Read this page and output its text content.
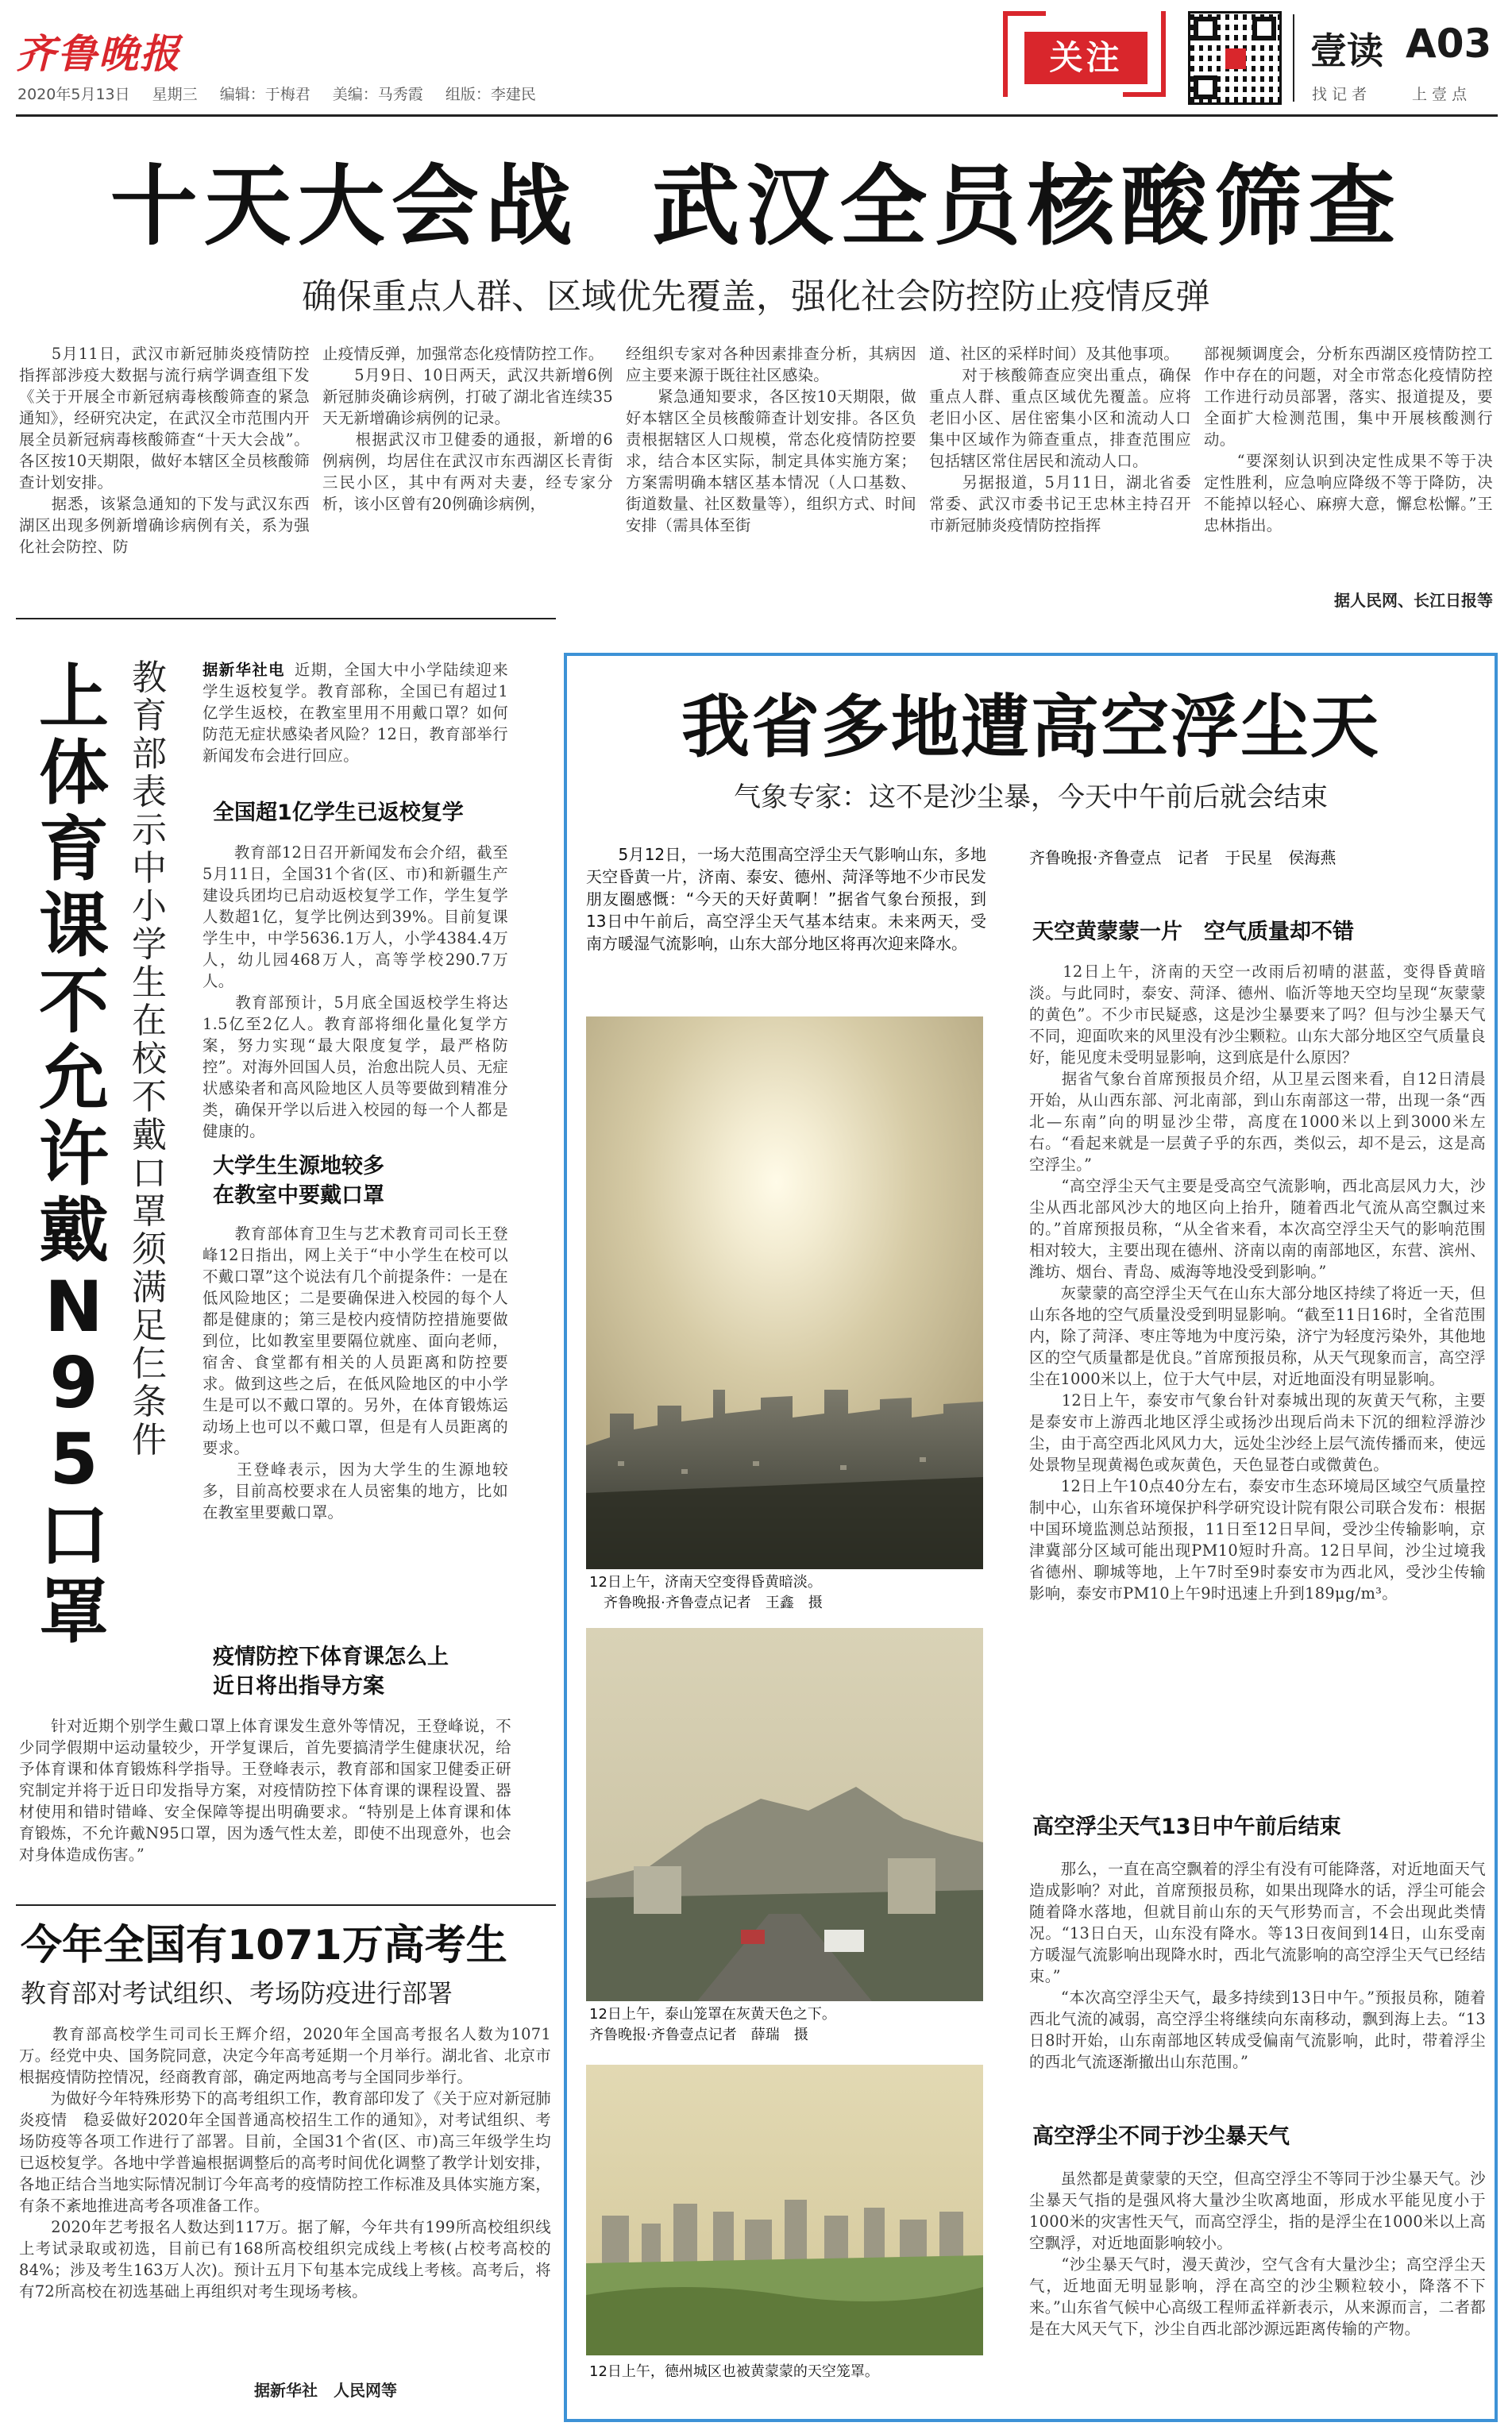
齐鲁晚报
2020年5月13日 星期三 编辑：于梅君 美编：马秀霞 组版：李建民
关注	壹读 A03
找 记 者	上 壹 点
十天大会战  武汉全员核酸筛查
确保重点人群、区域优先覆盖，强化社会防控防止疫情反弹
　　5月11日，武汉市新冠肺炎疫情防控指挥部涉疫大数据与流行病学调查组下发《关于开展全市新冠病毒核酸筛查的紧急通知》，经研究决定，在武汉全市范围内开展全员新冠病毒核酸筛查“十天大会战”。各区按10天期限，做好本辖区全员核酸筛查计划安排。
　　据悉，该紧急通知的下发与武汉东西湖区出现多例新增确诊病例有关，系为强化社会防控、防
止疫情反弹，加强常态化疫情防控工作。
　　5月9日、10日两天，武汉共新增6例新冠肺炎确诊病例，打破了湖北省连续35天无新增确诊病例的记录。
　　根据武汉市卫健委的通报，新增的6例病例，均居住在武汉市东西湖区长青街三民小区，其中有两对夫妻，经专家分析，该小区曾有20例确诊病例，
经组织专家对各种因素排查分析，其病因应主要来源于既往社区感染。
　　紧急通知要求，各区按10天期限，做好本辖区全员核酸筛查计划安排。各区负责根据辖区人口规模，常态化疫情防控要求，结合本区实际，制定具体实施方案；方案需明确本辖区基本情况（人口基数、街道数量、社区数量等），组织方式、时间安排（需具体至街
道、社区的采样时间）及其他事项。
　　对于核酸筛查应突出重点，确保重点人群、重点区域优先覆盖。应将老旧小区、居住密集小区和流动人口集中区域作为筛查重点，排查范围应包括辖区常住居民和流动人口。
　　另据报道，5月11日，湖北省委常委、武汉市委书记王忠林主持召开市新冠肺炎疫情防控指挥
部视频调度会，分析东西湖区疫情防控工作中存在的问题，对全市常态化疫情防控工作进行动员部署，落实、报道提及，要全面扩大检测范围，集中开展核酸测行动。
　　“要深刻认识到决定性成果不等于决定性胜利，应急响应降级不等于降防，决不能掉以轻心、麻痹大意，懈怠松懈。”王忠林指出。
据人民网、长江日报等
上体育课不允许戴N95口罩
教育部表示中小学生在校不戴口罩须满足仨条件
据新华社电 近期，全国大中小学陆续迎来学生返校复学。教育部称，全国已有超过1亿学生返校，在教室里用不用戴口罩？如何防范无症状感染者风险？12日，教育部举行新闻发布会进行回应。
全国超1亿学生已返校复学
　　教育部12日召开新闻发布会介绍，截至5月11日，全国31个省(区、市)和新疆生产建设兵团均已启动返校复学工作，学生复学人数超1亿，复学比例达到39%。目前复课学生中，中学5636.1万人，小学4384.4万人，幼儿园468万人，高等学校290.7万人。
　　教育部预计，5月底全国返校学生将达1.5亿至2亿人。教育部将细化量化复学方案，努力实现“最大限度复学，最严格防控”。对海外回国人员，治愈出院人员、无症状感染者和高风险地区人员等要做到精准分类，确保开学以后进入校园的每一个人都是健康的。
大学生生源地较多
在教室中要戴口罩
　　教育部体育卫生与艺术教育司司长王登峰12日指出，网上关于“中小学生在校可以不戴口罩”这个说法有几个前提条件：一是在低风险地区；二是要确保进入校园的每个人都是健康的；第三是校内疫情防控措施要做到位，比如教室里要隔位就座、面向老师，宿舍、食堂都有相关的人员距离和防控要求。做到这些之后，在低风险地区的中小学生是可以不戴口罩的。另外，在体育锻炼运动场上也可以不戴口罩，但是有人员距离的要求。
　　王登峰表示，因为大学生的生源地较多，目前高校要求在人员密集的地方，比如在教室里要戴口罩。
疫情防控下体育课怎么上
近日将出指导方案
　　针对近期个别学生戴口罩上体育课发生意外等情况，王登峰说，不少同学假期中运动量较少，开学复课后，首先要搞清学生健康状况，给予体育课和体育锻炼科学指导。王登峰表示，教育部和国家卫健委正研究制定并将于近日印发指导方案，对疫情防控下体育课的课程设置、器材使用和错时错峰、安全保障等提出明确要求。“特别是上体育课和体育锻炼，不允许戴N95口罩，因为透气性太差，即使不出现意外，也会对身体造成伤害。”
今年全国有1071万高考生
教育部对考试组织、考场防疫进行部署
　　教育部高校学生司司长王辉介绍，2020年全国高考报名人数为1071万。经党中央、国务院同意，决定今年高考延期一个月举行。湖北省、北京市根据疫情防控情况，经商教育部，确定两地高考与全国同步举行。
　　为做好今年特殊形势下的高考组织工作，教育部印发了《关于应对新冠肺炎疫情　稳妥做好2020年全国普通高校招生工作的通知》，对考试组织、考场防疫等各项工作进行了部署。目前，全国31个省(区、市)高三年级学生均已返校复学。各地中学普遍根据调整后的高考时间优化调整了教学计划安排，各地正结合当地实际情况制订今年高考的疫情防控工作标准及具体实施方案，有条不紊地推进高考各项准备工作。
　　2020年艺考报名人数达到117万。据了解，今年共有199所高校组织线上考试录取或初选，目前已有168所高校组织完成线上考核(占校考高校的84%；涉及考生163万人次)。预计五月下旬基本完成线上考核。高考后，将有72所高校在初选基础上再组织对考生现场考核。
据新华社　人民网等
我省多地遭高空浮尘天
气象专家：这不是沙尘暴，今天中午前后就会结束
　　5月12日，一场大范围高空浮尘天气影响山东，多地天空昏黄一片，济南、泰安、德州、菏泽等地不少市民发朋友圈感慨：“今天的天好黄啊！”据省气象台预报，到13日中午前后，高空浮尘天气基本结束。未来两天，受南方暖湿气流影响，山东大部分地区将再次迎来降水。
12日上午，济南天空变得昏黄暗淡。
齐鲁晚报·齐鲁壹点记者　王鑫　摄
12日上午，泰山笼罩在灰黄天色之下。
齐鲁晚报·齐鲁壹点记者　薛瑞　摄
12日上午，德州城区也被黄蒙蒙的天空笼罩。
齐鲁晚报·齐鲁壹点　记者　于民星　侯海燕
天空黄蒙蒙一片　空气质量却不错
　　12日上午，济南的天空一改雨后初晴的湛蓝，变得昏黄暗淡。与此同时，泰安、菏泽、德州、临沂等地天空均呈现“灰蒙蒙的黄色”。不少市民疑惑，这是沙尘暴要来了吗？但与沙尘暴天气不同，迎面吹来的风里没有沙尘颗粒。山东大部分地区空气质量良好，能见度未受明显影响，这到底是什么原因？
　　据省气象台首席预报员介绍，从卫星云图来看，自12日清晨开始，从山西东部、河北南部，到山东南部这一带，出现一条“西北—东南”向的明显沙尘带，高度在1000米以上到3000米左右。“看起来就是一层黄子乎的东西，类似云，却不是云，这是高空浮尘。”
　　“高空浮尘天气主要是受高空气流影响，西北高层风力大，沙尘从西北部风沙大的地区向上抬升，随着西北气流从高空飘过来的。”首席预报员称，“从全省来看，本次高空浮尘天气的影响范围相对较大，主要出现在德州、济南以南的南部地区，东营、滨州、潍坊、烟台、青岛、威海等地没受到影响。”
　　灰蒙蒙的高空浮尘天气在山东大部分地区持续了将近一天，但山东各地的空气质量没受到明显影响。“截至11日16时，全省范围内，除了菏泽、枣庄等地为中度污染，济宁为轻度污染外，其他地区的空气质量都是优良。”首席预报员称，从天气现象而言，高空浮尘在1000米以上，位于大气中层，对近地面没有明显影响。
　　12日上午，泰安市气象台针对泰城出现的灰黄天气称，主要是泰安市上游西北地区浮尘或扬沙出现后尚未下沉的细粒浮游沙尘，由于高空西北风风力大，远处尘沙经上层气流传播而来，使远处景物呈现黄褐色或灰黄色，天色显苍白或微黄色。
　　12日上午10点40分左右，泰安市生态环境局区域空气质量控制中心，山东省环境保护科学研究设计院有限公司联合发布：根据中国环境监测总站预报，11日至12日早间，受沙尘传输影响，京津冀部分区域可能出现PM10短时升高。12日早间，沙尘过境我省德州、聊城等地，上午7时至9时泰安市为西北风，受沙尘传输影响，泰安市PM10上午9时迅速上升到189μg/m³。
高空浮尘天气13日中午前后结束
　　那么，一直在高空飘着的浮尘有没有可能降落，对近地面天气造成影响？对此，首席预报员称，如果出现降水的话，浮尘可能会随着降水落地，但就目前山东的天气形势而言，不会出现此类情况。“13日白天，山东没有降水。等13日夜间到14日，山东受南方暖湿气流影响出现降水时，西北气流影响的高空浮尘天气已经结束。”
　　“本次高空浮尘天气，最多持续到13日中午。”预报员称，随着西北气流的减弱，高空浮尘将继续向东南移动，飘到海上去。“13日8时开始，山东南部地区转成受偏南气流影响，此时，带着浮尘的西北气流逐渐撤出山东范围。”
高空浮尘不同于沙尘暴天气
　　虽然都是黄蒙蒙的天空，但高空浮尘不等同于沙尘暴天气。沙尘暴天气指的是强风将大量沙尘吹离地面，形成水平能见度小于1000米的灾害性天气，而高空浮尘，指的是浮尘在1000米以上高空飘浮，对近地面影响较小。
　　“沙尘暴天气时，漫天黄沙，空气含有大量沙尘；高空浮尘天气，近地面无明显影响，浮在高空的沙尘颗粒较小，降落不下来。”山东省气候中心高级工程师孟祥新表示，从来源而言，二者都是在大风天气下，沙尘自西北部沙源远距离传输的产物。
